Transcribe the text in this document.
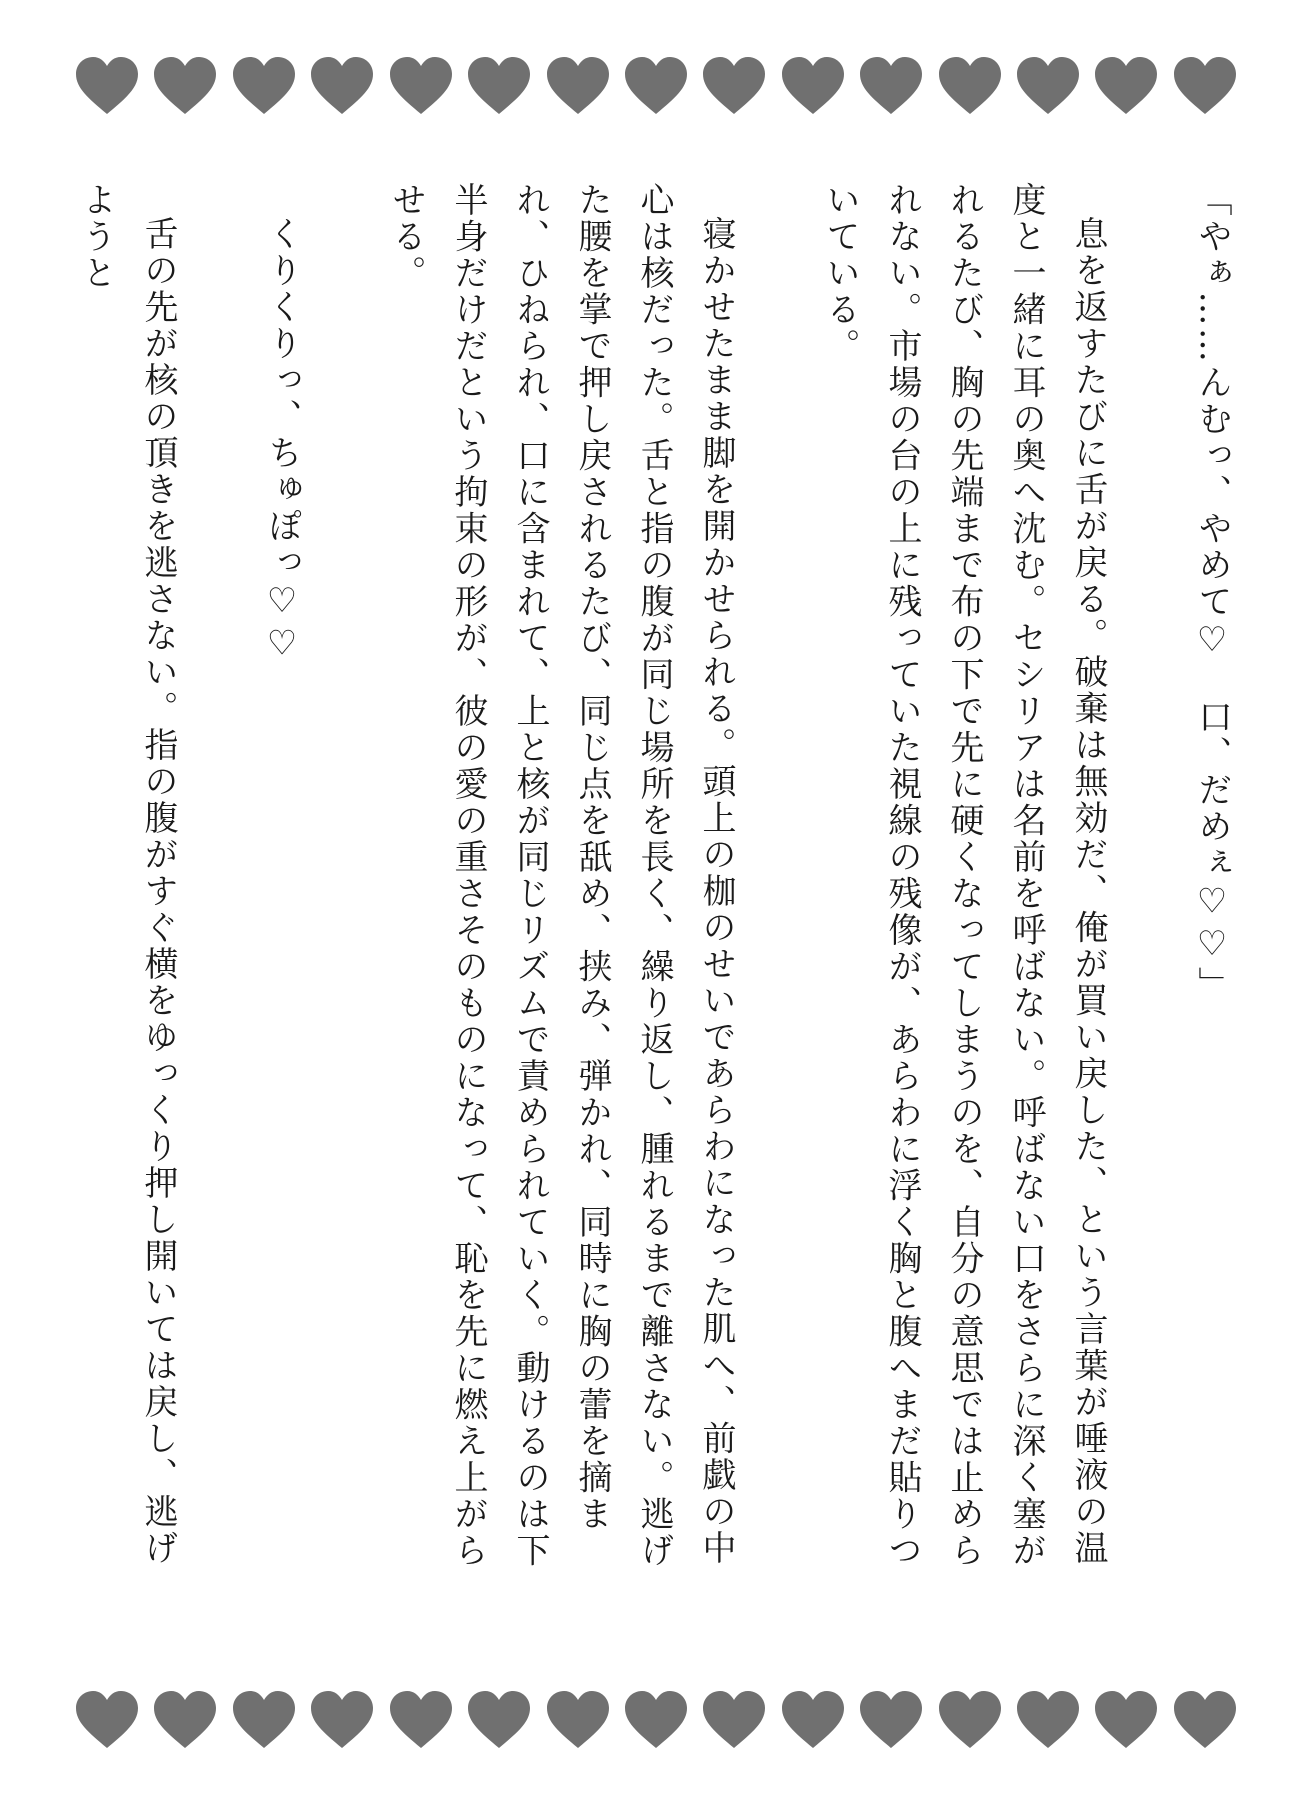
「やぁ……んむっ、やめて♡　口、だめぇ♡♡」

息を返すたびに舌が戻る。破棄は無効だ、俺が買い戻した、という言葉が唾液の温度と一緒に耳の奥へ沈む。セシリアは名前を呼ばない。呼ばない口をさらに深く塞がれるたび、胸の先端まで布の下で先に硬くなってしまうのを、自分の意思では止められない。市場の台の上に残っていた視線の残像が、あらわに浮く胸と腹へまだ貼りついている。

寝かせたまま脚を開かせられる。頭上の枷のせいであらわになった肌へ、前戯の中心は核だった。舌と指の腹が同じ場所を長く、繰り返し、腫れるまで離さない。逃げた腰を掌で押し戻されるたび、同じ点を舐め、挟み、弾かれ、同時に胸の蕾を摘まれ、ひねられ、口に含まれて、上と核が同じリズムで責められていく。動けるのは下半身だけだという拘束の形が、彼の愛の重さそのものになって、恥を先に燃え上がらせる。

くりくりっ、ちゅぽっ♡♡

舌の先が核の頂きを逃さない。指の腹がすぐ横をゆっくり押し開いては戻し、逃げようと
